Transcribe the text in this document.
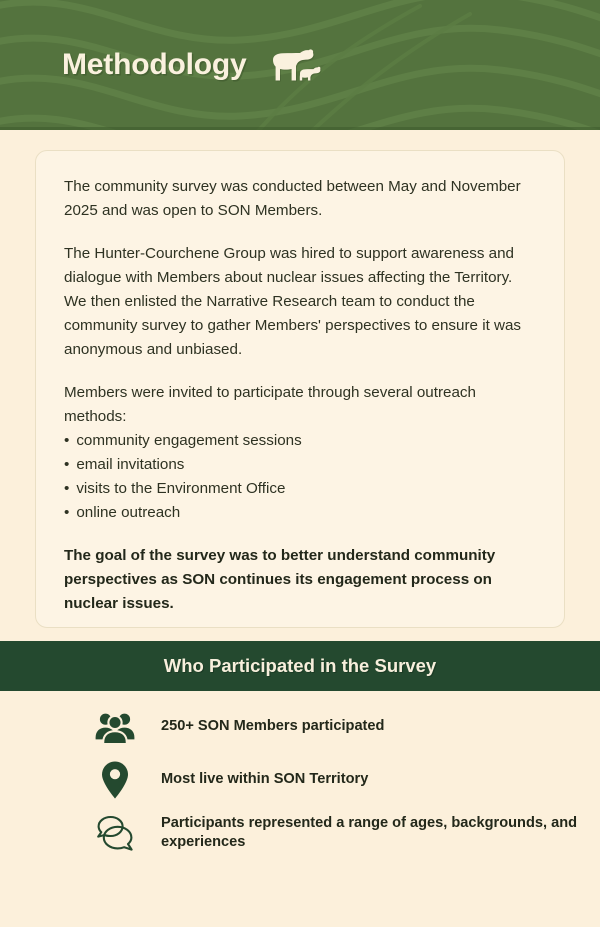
Methodology

The community survey was conducted between May and November 2025 and was open to SON Members.

The Hunter-Courchene Group was hired to support awareness and dialogue with Members about nuclear issues affecting the Territory. We then enlisted the Narrative Research team to conduct the community survey to gather Members' perspectives to ensure it was anonymous and unbiased.

Members were invited to participate through several outreach methods:

• community engagement sessions
• email invitations
• visits to the Environment Office
• online outreach

The goal of the survey was to better understand community perspectives as SON continues its engagement process on nuclear issues.

Who Participated in the Survey
250+ SON Members participated
Most live within SON Territory
Participants represented a range of ages, backgrounds, and experiences
